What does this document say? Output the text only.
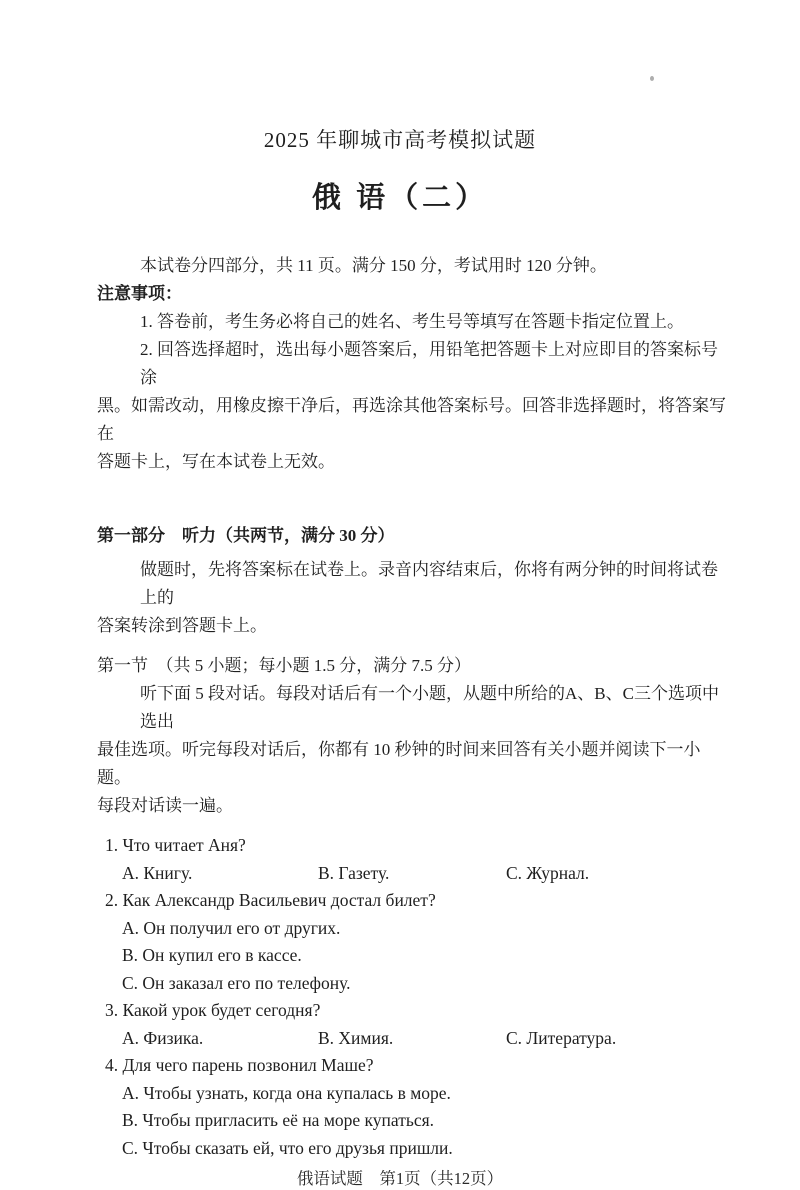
2025 年聊城市高考模拟试题
俄 语（二）
本试卷分四部分，共 11 页。满分 150 分，考试用时 120 分钟。
注意事项：
1. 答卷前，考生务必将自己的姓名、考生号等填写在答题卡指定位置上。
2. 回答选择超时，选出每小题答案后，用铅笔把答题卡上对应即目的答案标号涂
黑。如需改动，用橡皮擦干净后，再选涂其他答案标号。回答非选择题时，将答案写在
答题卡上，写在本试卷上无效。
第一部分　听力（共两节，满分 30 分）
做题时，先将答案标在试卷上。录音内容结束后，你将有两分钟的时间将试卷上的
答案转涂到答题卡上。
第一节　（共 5 小题；每小题 1.5 分，满分 7.5 分）
听下面 5 段对话。每段对话后有一个小题，从题中所给的A、B、C三个选项中选出
最佳选项。听完每段对话后，你都有 10 秒钟的时间来回答有关小题并阅读下一小题。
每段对话读一遍。
1. Что читает Аня?
A. Книгу.	B. Газету.	C. Журнал.
2. Как Александр Васильевич достал билет?
A. Он получил его от других.
B. Он купил его в кассе.
C. Он заказал его по телефону.
3. Какой урок будет сегодня?
A. Физика.	B. Химия.	C. Литература.
4. Для чего парень позвонил Маше?
A. Чтобы узнать, когда она купалась в море.
B. Чтобы пригласить её на море купаться.
C. Чтобы сказать ей, что его друзья пришли.
俄语试题　第1页（共12页）
